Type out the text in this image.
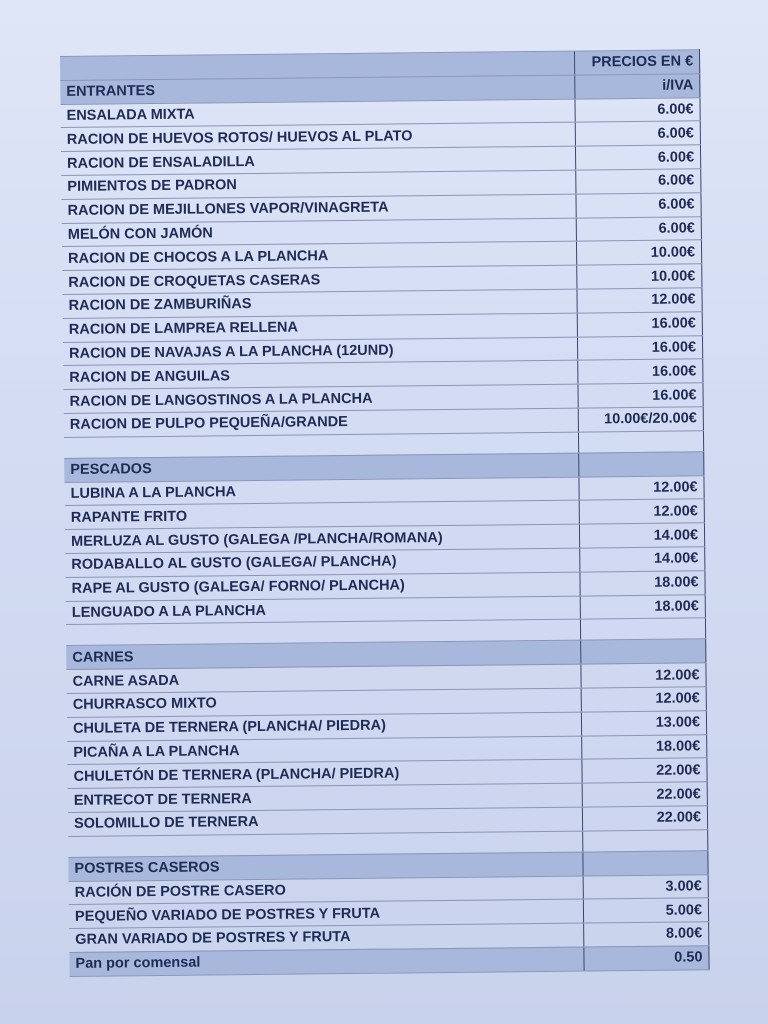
	PRECIOS EN €
ENTRANTES	i/IVA
ENSALADA MIXTA	6.00€
RACION DE HUEVOS ROTOS/ HUEVOS AL PLATO	6.00€
RACION DE ENSALADILLA	6.00€
PIMIENTOS DE PADRON	6.00€
RACION DE MEJILLONES VAPOR/VINAGRETA	6.00€
MELÓN CON JAMÓN	6.00€
RACION DE CHOCOS A LA PLANCHA	10.00€
RACION DE CROQUETAS CASERAS	10.00€
RACION DE ZAMBURIÑAS	12.00€
RACION DE LAMPREA RELLENA	16.00€
RACION DE NAVAJAS A LA PLANCHA (12UND)	16.00€
RACION DE ANGUILAS	16.00€
RACION DE LANGOSTINOS A LA PLANCHA	16.00€
RACION DE PULPO PEQUEÑA/GRANDE	10.00€/20.00€

PESCADOS	
LUBINA A LA PLANCHA	12.00€
RAPANTE FRITO	12.00€
MERLUZA AL GUSTO (GALEGA /PLANCHA/ROMANA)	14.00€
RODABALLO AL GUSTO (GALEGA/ PLANCHA)	14.00€
RAPE AL GUSTO (GALEGA/ FORNO/ PLANCHA)	18.00€
LENGUADO A LA PLANCHA	18.00€

CARNES	
CARNE ASADA	12.00€
CHURRASCO MIXTO	12.00€
CHULETA DE TERNERA (PLANCHA/ PIEDRA)	13.00€
PICAÑA A LA PLANCHA	18.00€
CHULETÓN DE TERNERA (PLANCHA/ PIEDRA)	22.00€
ENTRECOT DE TERNERA	22.00€
SOLOMILLO DE TERNERA	22.00€

POSTRES CASEROS	
RACIÓN DE POSTRE CASERO	3.00€
PEQUEÑO VARIADO DE POSTRES Y FRUTA	5.00€
GRAN VARIADO DE POSTRES Y FRUTA	8.00€
Pan por comensal	0.50
